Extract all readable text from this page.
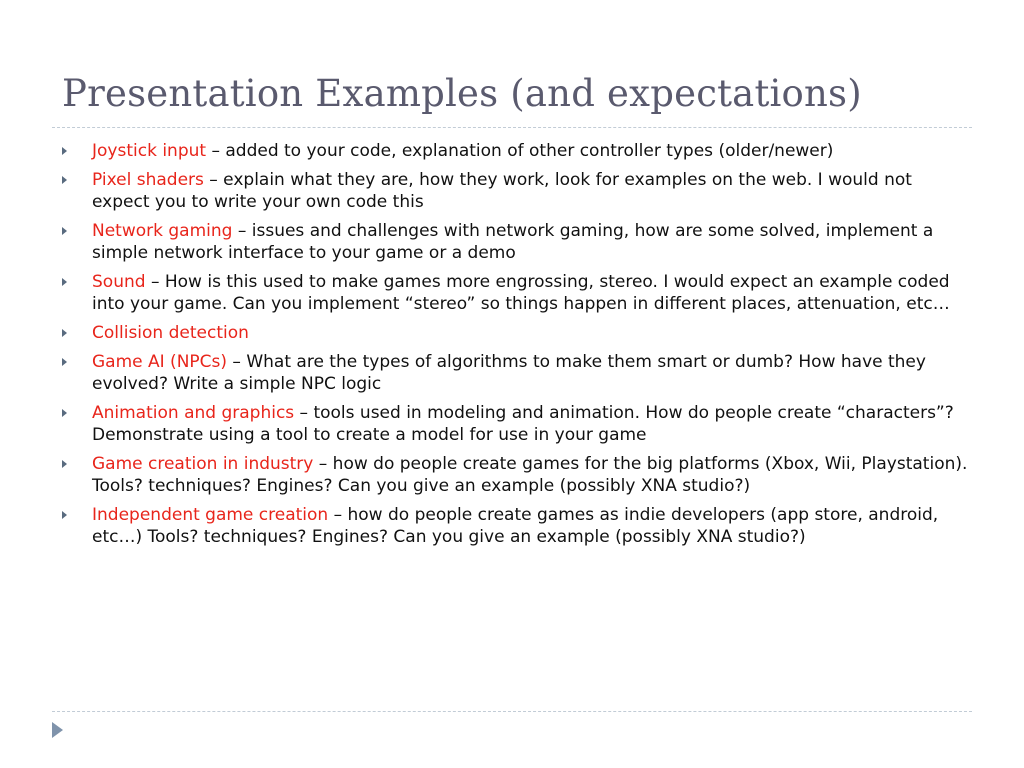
Presentation Examples (and expectations)
Joystick input – added to your code, explanation of other controller types (older/newer)
Pixel shaders – explain what they are, how they work, look for examples on the web. I would not expect you to write your own code this
Network gaming – issues and challenges with network gaming, how are some solved, implement a simple network interface to your game or a demo
Sound – How is this used to make games more engrossing, stereo. I would expect an example coded into your game. Can you implement “stereo” so things happen in different places, attenuation, etc…
Collision detection
Game AI (NPCs) – What are the types of algorithms to make them smart or dumb? How have they evolved? Write a simple NPC logic
Animation and graphics – tools used in modeling and animation. How do people create “characters”? Demonstrate using a tool to create a model for use in your game
Game creation in industry – how do people create games for the big platforms (Xbox, Wii, Playstation). Tools? techniques? Engines? Can you give an example (possibly XNA studio?)
Independent game creation – how do people create games as indie developers (app store, android, etc…) Tools? techniques? Engines? Can you give an example (possibly XNA studio?)
